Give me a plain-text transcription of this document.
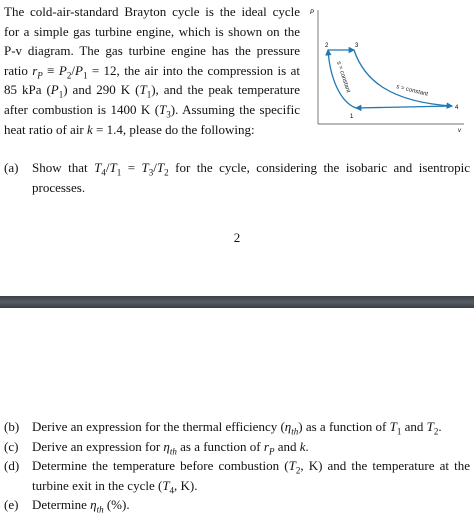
The cold-air-standard Brayton cycle is the ideal cycle
for a simple gas turbine engine, which is shown on the
P-v diagram. The gas turbine engine has the pressure
ratio $r_P \equiv P_2/P_1 = 12$, the air into the compression is at
85 kPa $(P_1)$ and 290 K $(T_1)$, and the peak temperature
after combustion is 1400 K $(T_3)$. Assuming the specific
heat ratio of air k = 1.4, please do the following:
P
v
2	3
4
1
s = constant	s = constant
(a) Show that $T_4/T_1 = T_3/T_2$ for the cycle, considering the isobaric and isentropic
processes.
2
(b) Derive an expression for the thermal efficiency $(\eta_{th})$ as a function of $T_1$ and $T_2$.
(c) Derive an expression for $\eta_{th}$ as a function of $r_P$ and k.
(d) Determine the temperature before combustion ($T_2$, K) and the temperature at the
turbine exit in the cycle ($T_4$, K).
(e) Determine $\eta_{th}$ (%).
